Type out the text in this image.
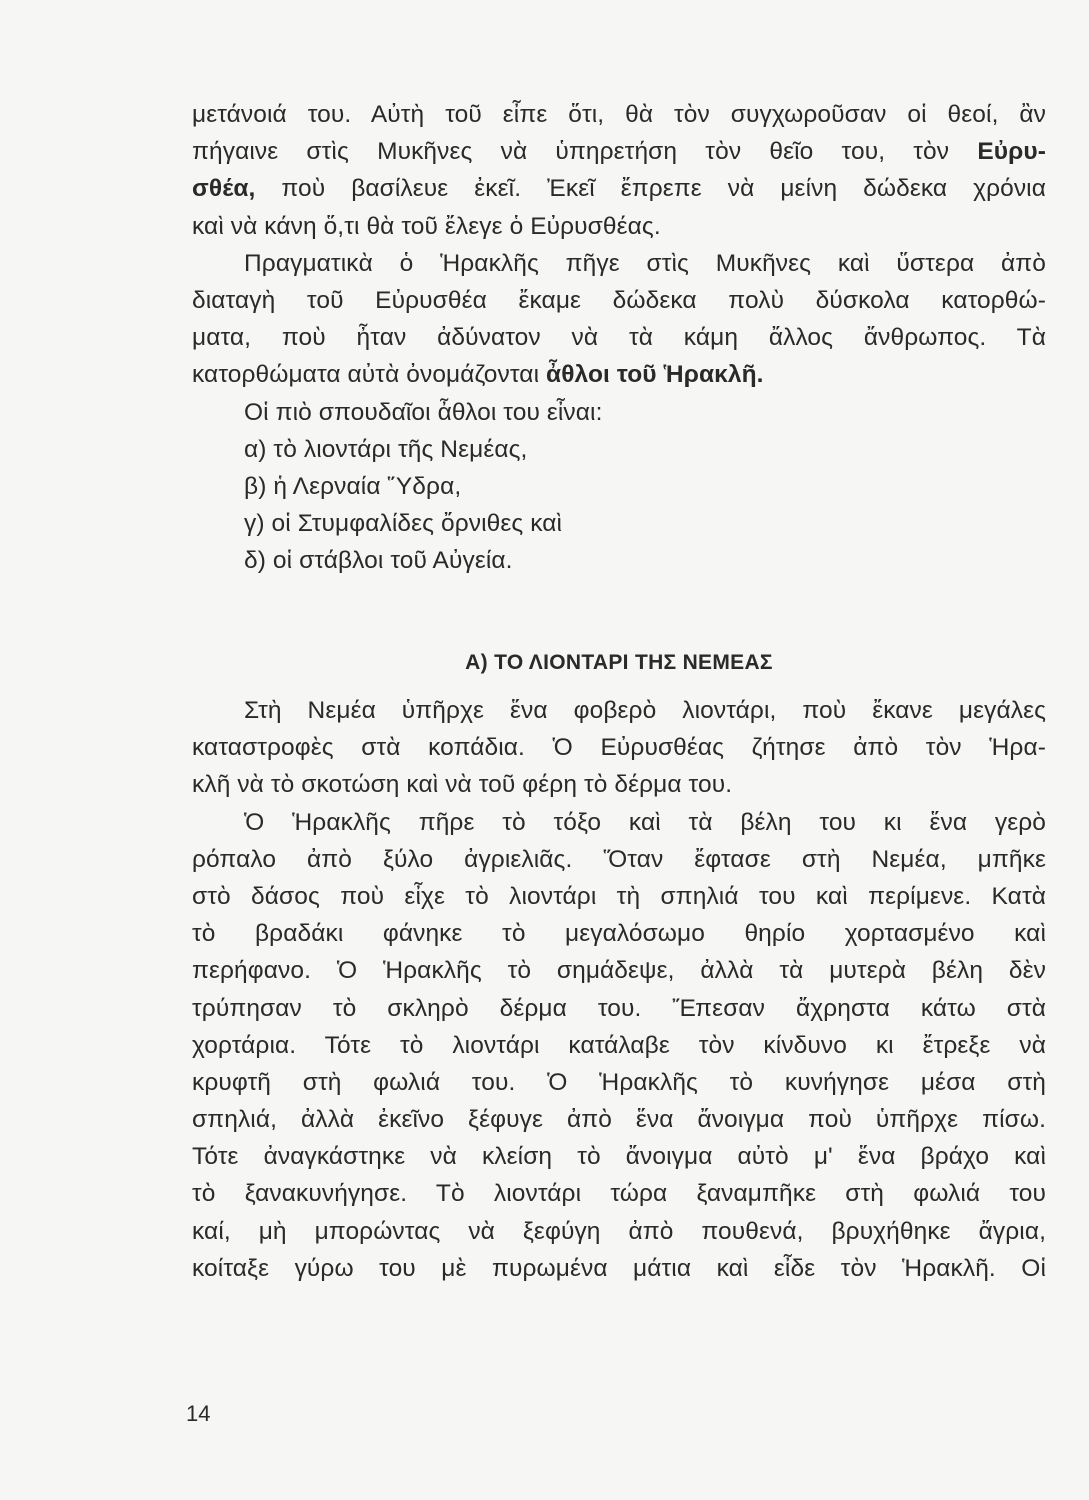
μετάνοιά του. Αὐτὴ τοῦ εἶπε ὅτι, θὰ τὸν συγχωροῦσαν οἱ θεοί, ἂν
πήγαινε στὶς Μυκῆνες νὰ ὑπηρετήση τὸν θεῖο του, τὸν Εὐρυ-
σθέα, ποὺ βασίλευε ἐκεῖ. Ἐκεῖ ἔπρεπε νὰ μείνη δώδεκα χρόνια
καὶ νὰ κάνη ὅ,τι θὰ τοῦ ἔλεγε ὁ Εὐρυσθέας.
Πραγματικὰ ὁ Ἡρακλῆς πῆγε στὶς Μυκῆνες καὶ ὕστερα ἀπὸ
διαταγὴ τοῦ Εὐρυσθέα ἔκαμε δώδεκα πολὺ δύσκολα κατορθώ-
ματα, ποὺ ἦταν ἀδύνατον νὰ τὰ κάμη ἄλλος ἄνθρωπος. Τὰ
κατορθώματα αὐτὰ ὀνομάζονται ἆθλοι τοῦ Ἡρακλῆ.
Οἱ πιὸ σπουδαῖοι ἆθλοι του εἶναι:
α) τὸ λιοντάρι τῆς Νεμέας,
β) ἡ Λερναία Ὕδρα,
γ) οἱ Στυμφαλίδες ὄρνιθες καὶ
δ) οἱ στάβλοι τοῦ Αὐγεία.
Α) ΤΟ ΛΙΟΝΤΑΡΙ ΤΗΣ ΝΕΜΕΑΣ
Στὴ Νεμέα ὑπῆρχε ἕνα φοβερὸ λιοντάρι, ποὺ ἔκανε μεγάλες
καταστροφὲς στὰ κοπάδια. Ὁ Εὐρυσθέας ζήτησε ἀπὸ τὸν Ἡρα-
κλῆ νὰ τὸ σκοτώση καὶ νὰ τοῦ φέρη τὸ δέρμα του.
Ὁ Ἡρακλῆς πῆρε τὸ τόξο καὶ τὰ βέλη του κι ἕνα γερὸ
ρόπαλο ἀπὸ ξύλο ἀγριελιᾶς. Ὅταν ἔφτασε στὴ Νεμέα, μπῆκε
στὸ δάσος ποὺ εἶχε τὸ λιοντάρι τὴ σπηλιά του καὶ περίμενε. Κατὰ
τὸ βραδάκι φάνηκε τὸ μεγαλόσωμο θηρίο χορτασμένο καὶ
περήφανο. Ὁ Ἡρακλῆς τὸ σημάδεψε, ἀλλὰ τὰ μυτερὰ βέλη δὲν
τρύπησαν τὸ σκληρὸ δέρμα του. Ἔπεσαν ἄχρηστα κάτω στὰ
χορτάρια. Τότε τὸ λιοντάρι κατάλαβε τὸν κίνδυνο κι ἔτρεξε νὰ
κρυφτῆ στὴ φωλιά του. Ὁ Ἡρακλῆς τὸ κυνήγησε μέσα στὴ
σπηλιά, ἀλλὰ ἐκεῖνο ξέφυγε ἀπὸ ἕνα ἄνοιγμα ποὺ ὑπῆρχε πίσω.
Τότε ἀναγκάστηκε νὰ κλείση τὸ ἄνοιγμα αὐτὸ μ' ἕνα βράχο καὶ
τὸ ξανακυνήγησε. Τὸ λιοντάρι τώρα ξαναμπῆκε στὴ φωλιά του
καί, μὴ μπορώντας νὰ ξεφύγη ἀπὸ πουθενά, βρυχήθηκε ἄγρια,
κοίταξε γύρω του μὲ πυρωμένα μάτια καὶ εἶδε τὸν Ἡρακλῆ. Οἱ
14
